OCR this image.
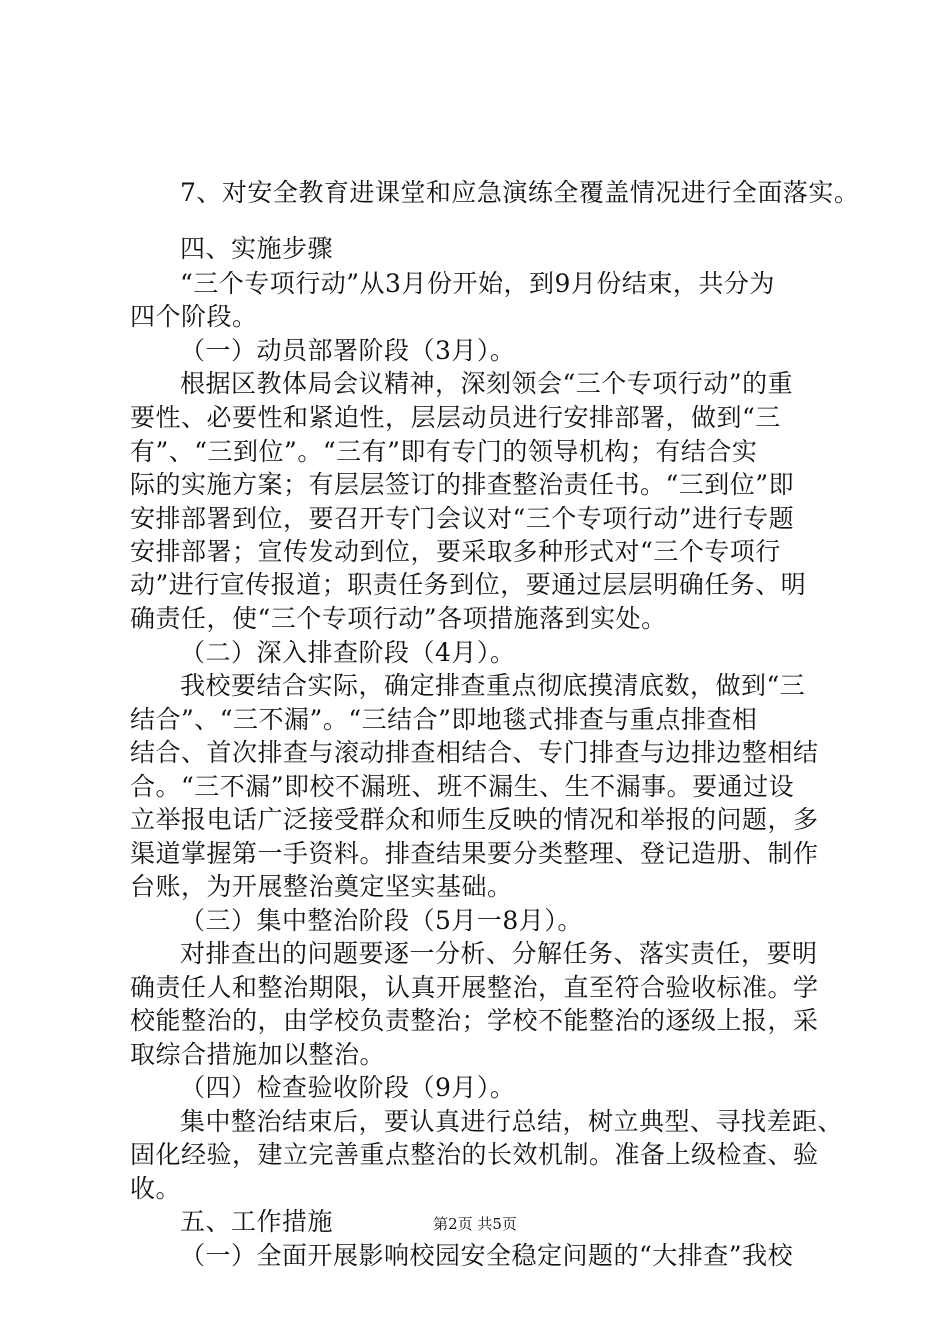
7、对安全教育进课堂和应急演练全覆盖情况进行全面落实。
四、实施步骤
“三个专项行动”从3月份开始，到9月份结束，共分为
四个阶段。
（一）动员部署阶段（3月）。
根据区教体局会议精神，深刻领会“三个专项行动”的重
要性、必要性和紧迫性，层层动员进行安排部署，做到“三
有”、“三到位”。“三有”即有专门的领导机构；有结合实
际的实施方案；有层层签订的排查整治责任书。“三到位”即
安排部署到位，要召开专门会议对“三个专项行动”进行专题
安排部署；宣传发动到位，要采取多种形式对“三个专项行
动”进行宣传报道；职责任务到位，要通过层层明确任务、明
确责任，使“三个专项行动”各项措施落到实处。
（二）深入排查阶段（4月）。
我校要结合实际，确定排查重点彻底摸清底数，做到“三
结合”、“三不漏”。“三结合”即地毯式排查与重点排查相
结合、首次排查与滚动排查相结合、专门排查与边排边整相结
合。“三不漏”即校不漏班、班不漏生、生不漏事。要通过设
立举报电话广泛接受群众和师生反映的情况和举报的问题，多
渠道掌握第一手资料。排查结果要分类整理、登记造册、制作
台账，为开展整治奠定坚实基础。
（三）集中整治阶段（5月一8月）。
对排查出的问题要逐一分析、分解任务、落实责任，要明
确责任人和整治期限，认真开展整治，直至符合验收标准。学
校能整治的，由学校负责整治；学校不能整治的逐级上报，采
取综合措施加以整治。
（四）检查验收阶段（9月）。
集中整治结束后，要认真进行总结，树立典型、寻找差距、
固化经验，建立完善重点整治的长效机制。准备上级检查、验
收。
五、工作措施
（一）全面开展影响校园安全稳定问题的“大排查”我校
第2页 共5页
